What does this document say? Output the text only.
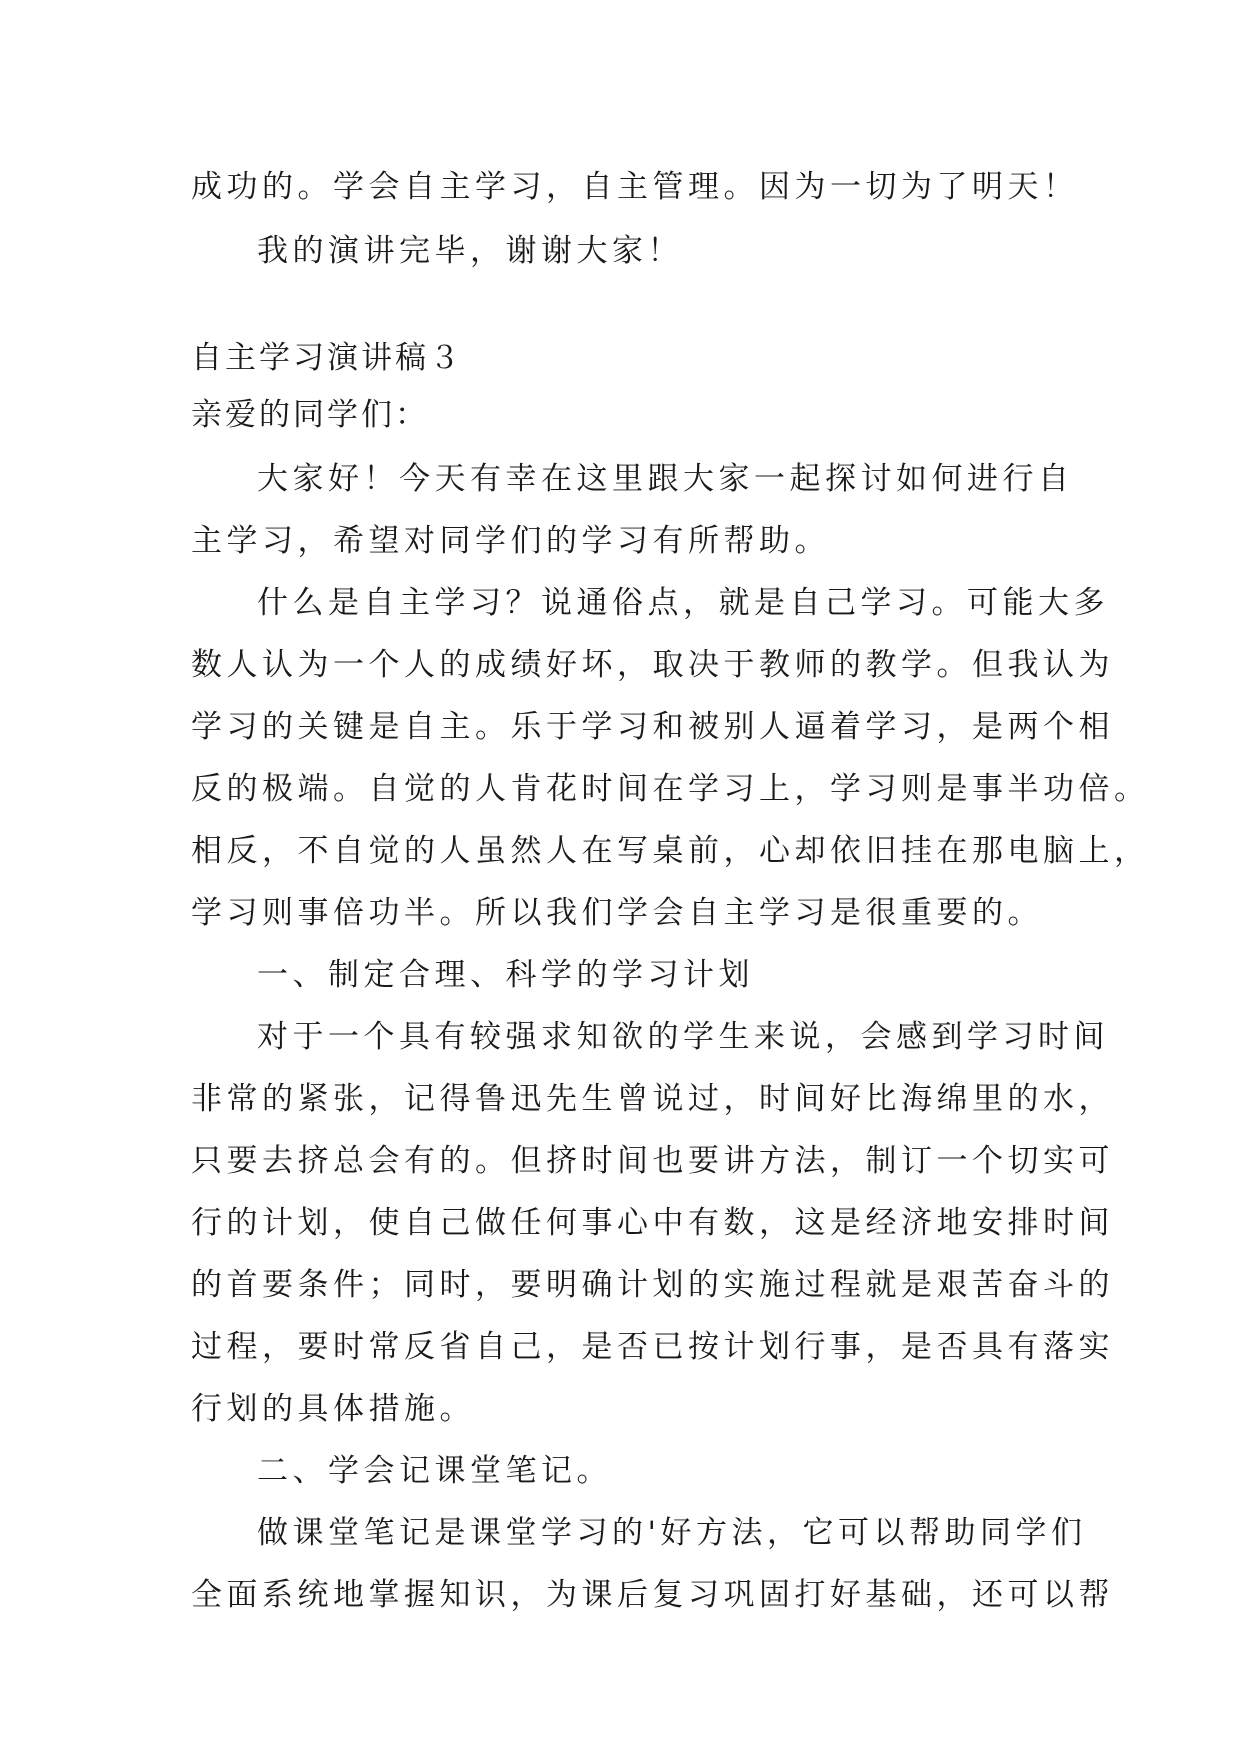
成功的。学会自主学习，自主管理。因为一切为了明天！
我的演讲完毕，谢谢大家！
自主学习演讲稿３
亲爱的同学们：
大家好！今天有幸在这里跟大家一起探讨如何进行自
主学习，希望对同学们的学习有所帮助。
什么是自主学习？说通俗点，就是自己学习。可能大多
数人认为一个人的成绩好坏，取决于教师的教学。但我认为
学习的关键是自主。乐于学习和被别人逼着学习，是两个相
反的极端。自觉的人肯花时间在学习上，学习则是事半功倍。
相反，不自觉的人虽然人在写桌前，心却依旧挂在那电脑上，
学习则事倍功半。所以我们学会自主学习是很重要的。
一、制定合理、科学的学习计划
对于一个具有较强求知欲的学生来说，会感到学习时间
非常的紧张，记得鲁迅先生曾说过，时间好比海绵里的水，
只要去挤总会有的。但挤时间也要讲方法，制订一个切实可
行的计划，使自己做任何事心中有数，这是经济地安排时间
的首要条件；同时，要明确计划的实施过程就是艰苦奋斗的
过程，要时常反省自己，是否已按计划行事，是否具有落实
行划的具体措施。
二、学会记课堂笔记。
做课堂笔记是课堂学习的'好方法，它可以帮助同学们
全面系统地掌握知识，为课后复习巩固打好基础，还可以帮
